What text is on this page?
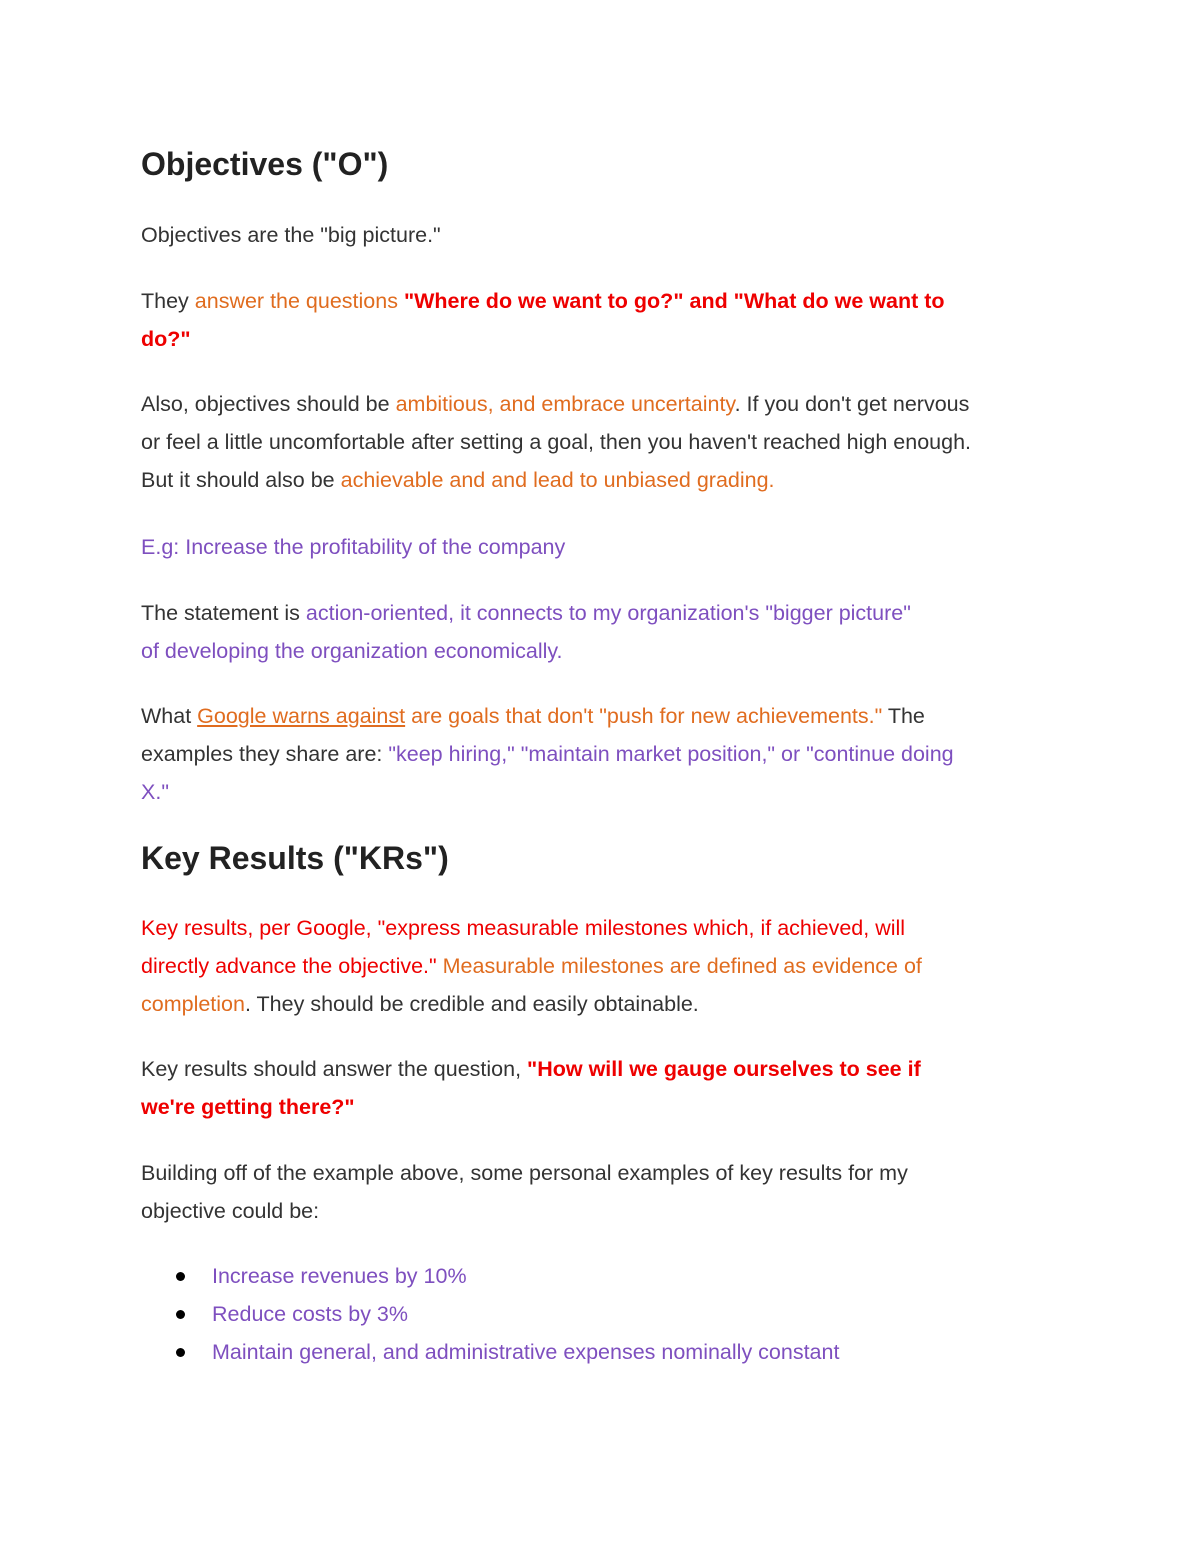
Objectives ("O")

Objectives are the "big picture."

They answer the questions "Where do we want to go?" and "What do we want to
do?"

Also, objectives should be ambitious, and embrace uncertainty. If you don't get nervous
or feel a little uncomfortable after setting a goal, then you haven't reached high enough.
But it should also be achievable and and lead to unbiased grading.

E.g: Increase the profitability of the company

The statement is action-oriented, it connects to my organization's "bigger picture"
of developing the organization economically.

What Google warns against are goals that don't "push for new achievements." The
examples they share are: "keep hiring," "maintain market position," or "continue doing
X."

Key Results ("KRs")

Key results, per Google, "express measurable milestones which, if achieved, will
directly advance the objective." Measurable milestones are defined as evidence of
completion. They should be credible and easily obtainable.

Key results should answer the question, "How will we gauge ourselves to see if
we're getting there?"

Building off of the example above, some personal examples of key results for my
objective could be:

Increase revenues by 10%
Reduce costs by 3%
Maintain general, and administrative expenses nominally constant
